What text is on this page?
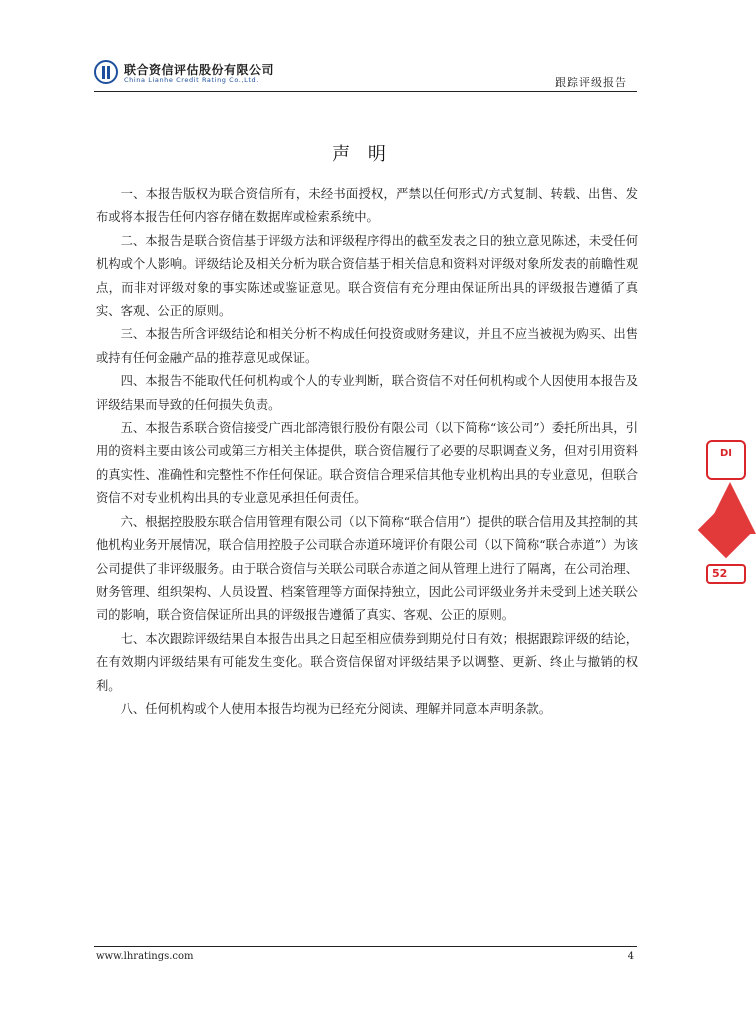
联合资信评估股份有限公司
China Lianhe Credit Rating Co.,Ltd.	跟踪评级报告
声 明

一、本报告版权为联合资信所有，未经书面授权，严禁以任何形式/方式复制、转载、出售、发布或将本报告任何内容存储在数据库或检索系统中。

二、本报告是联合资信基于评级方法和评级程序得出的截至发表之日的独立意见陈述，未受任何机构或个人影响。评级结论及相关分析为联合资信基于相关信息和资料对评级对象所发表的前瞻性观点，而非对评级对象的事实陈述或鉴证意见。联合资信有充分理由保证所出具的评级报告遵循了真实、客观、公正的原则。

三、本报告所含评级结论和相关分析不构成任何投资或财务建议，并且不应当被视为购买、出售或持有任何金融产品的推荐意见或保证。

四、本报告不能取代任何机构或个人的专业判断，联合资信不对任何机构或个人因使用本报告及评级结果而导致的任何损失负责。

五、本报告系联合资信接受广西北部湾银行股份有限公司（以下简称“该公司”）委托所出具，引用的资料主要由该公司或第三方相关主体提供，联合资信履行了必要的尽职调查义务，但对引用资料的真实性、准确性和完整性不作任何保证。联合资信合理采信其他专业机构出具的专业意见，但联合资信不对专业机构出具的专业意见承担任何责任。

六、根据控股股东联合信用管理有限公司（以下简称“联合信用”）提供的联合信用及其控制的其他机构业务开展情况，联合信用控股子公司联合赤道环境评价有限公司（以下简称“联合赤道”）为该公司提供了非评级服务。由于联合资信与关联公司联合赤道之间从管理上进行了隔离，在公司治理、财务管理、组织架构、人员设置、档案管理等方面保持独立，因此公司评级业务并未受到上述关联公司的影响，联合资信保证所出具的评级报告遵循了真实、客观、公正的原则。

七、本次跟踪评级结果自本报告出具之日起至相应债券到期兑付日有效；根据跟踪评级的结论，在有效期内评级结果有可能发生变化。联合资信保留对评级结果予以调整、更新、终止与撤销的权利。

八、任何机构或个人使用本报告均视为已经充分阅读、理解并同意本声明条款。

DI
52
www.lhratings.com	4
